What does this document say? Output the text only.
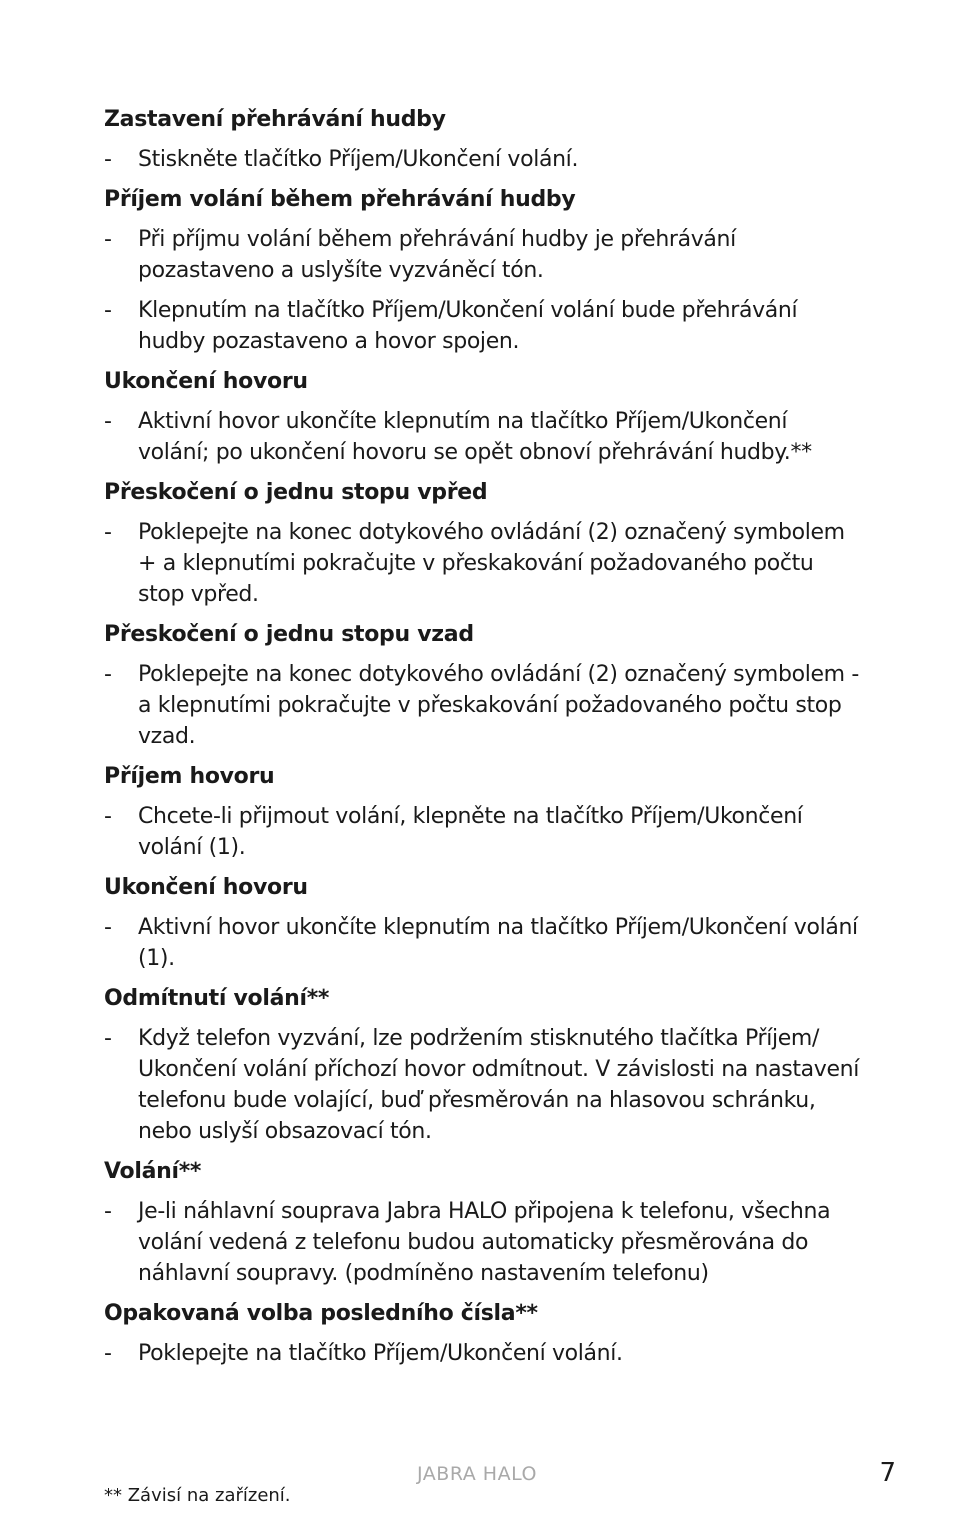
Zastavení přehrávání hudby
- Stiskněte tlačítko Příjem/Ukončení volání.
Příjem volání během přehrávání hudby
- Při příjmu volání během přehrávání hudby je přehrávání pozastaveno a uslyšíte vyzváněcí tón.
- Klepnutím na tlačítko Příjem/Ukončení volání bude přehrávání hudby pozastaveno a hovor spojen.
Ukončení hovoru
- Aktivní hovor ukončíte klepnutím na tlačítko Příjem/Ukončení volání; po ukončení hovoru se opět obnoví přehrávání hudby.**
Přeskočení o jednu stopu vpřed
- Poklepejte na konec dotykového ovládání (2) označený symbolem + a klepnutími pokračujte v přeskakování požadovaného počtu stop vpřed.
Přeskočení o jednu stopu vzad
- Poklepejte na konec dotykového ovládání (2) označený symbolem - a klepnutími pokračujte v přeskakování požadovaného počtu stop vzad.
Příjem hovoru
- Chcete-li přijmout volání, klepněte na tlačítko Příjem/Ukončení volání (1).
Ukončení hovoru
- Aktivní hovor ukončíte klepnutím na tlačítko Příjem/Ukončení volání (1).
Odmítnutí volání**
- Když telefon vyzvání, lze podržením stisknutého tlačítka Příjem/ Ukončení volání příchozí hovor odmítnout. V závislosti na nastavení telefonu bude volající, buď přesměrován na hlasovou schránku, nebo uslyší obsazovací tón.
Volání**
- Je-li náhlavní souprava Jabra HALO připojena k telefonu, všechna volání vedená z telefonu budou automaticky přesměrována do náhlavní soupravy. (podmíněno nastavením telefonu)
Opakovaná volba posledního čísla**
- Poklepejte na tlačítko Příjem/Ukončení volání.
JABRA HALO	7
** Závisí na zařízení.
